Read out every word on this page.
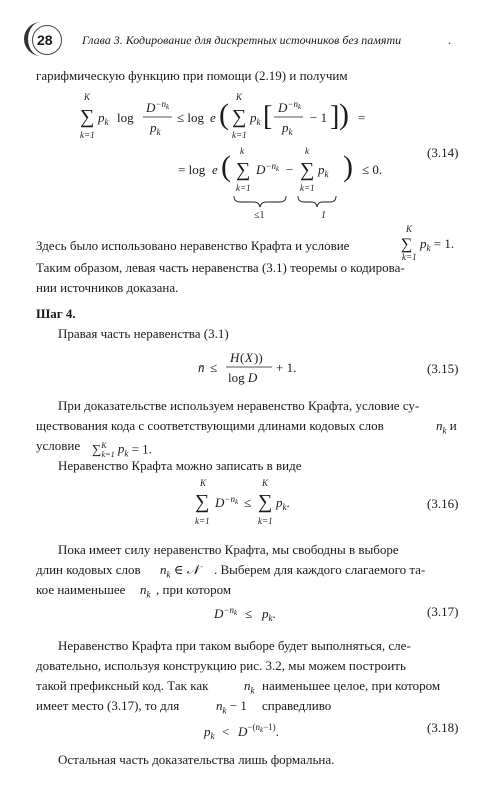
28 Глава 3. Кодирование для дискретных источников без памяти	.
гарифмическую функцию при помощи (2.19) и получим
K
∑
k=1
$p_k$ log
$D^{-n}k$
$p_k$
≤ log e (
K
∑
k=1
$p_k$ [ $D^{-n}k$
$p_k$
− 1 ] ) =
= log e ( k
∑
k=1
$D^{-n}k$ −
k
∑
k=1
$p_k$ ) ≤ 0.
≤1	1
(3.14)
Здесь было использовано неравенство Крафта и условие
K
∑
k=1
$p_k = 1$.
Таким образом, левая часть неравенства (3.1) теоремы о кодирова-
нии источников доказана.
Шаг 4.
Правая часть неравенства (3.1)
n̄ ≤
H ( X ))
log D
+ 1.	(3.15)
При доказательстве используем неравенство Крафта, условие су-
ществования кода с соответствующими длинами кодовых слов	$n_k$ и
условие ∑$^K_{k=1}$ $p_k = 1$.
Неравенство Крафта можно записать в виде
K
∑
k=1
$D^{-n}k$ ≤
K
∑
k=1
$p_k$.	(3.16)
Пока имеет силу неравенство Крафта, мы свободны в выборе
длин кодовых слов	$n_k$ ∈ 𝒩 . Выберем для каждого слагаемого та-
кое наименьшее	$n_k$ , при котором
$D^{-n}k \le p_k$.	(3.17)
Неравенство Крафта при таком выборе будет выполняться, сле-
довательно, используя конструкцию рис. 3.2, мы можем построить
такой префиксный код. Так как	$n_k$ наименьшее целое, при котором
имеет место (3.17), то для	$n_k - 1$ справедливо
$p_k < D^{-(}nk-1$).	(3.18)
Остальная часть доказательства лишь формальна.
